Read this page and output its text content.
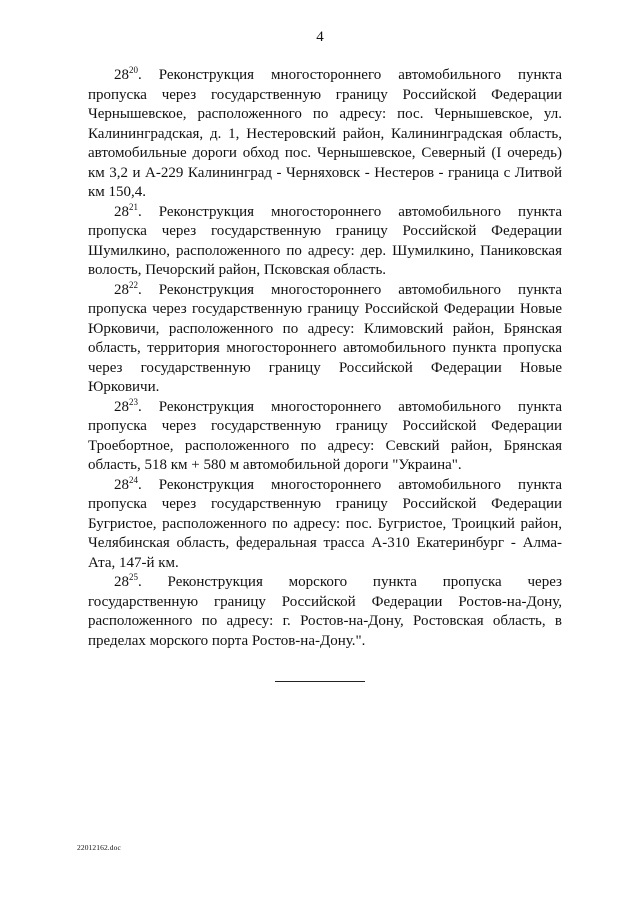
4

$28^{20}$. Реконструкция многостороннего автомобильного пункта пропуска через государственную границу Российской Федерации Чернышевское, расположенного по адресу: пос. Чернышевское, ул. Калининградская, д. 1, Нестеровский район, Калининградская область, автомобильные дороги обход пос. Чернышевское, Северный (I очередь) км 3,2 и А-229 Калининград - Черняховск - Нестеров - граница с Литвой км 150,4.

$28^{21}$. Реконструкция многостороннего автомобильного пункта пропуска через государственную границу Российской Федерации Шумилкино, расположенного по адресу: дер. Шумилкино, Паниковская волость, Печорский район, Псковская область.

$28^{22}$. Реконструкция многостороннего автомобильного пункта пропуска через государственную границу Российской Федерации Новые Юрковичи, расположенного по адресу: Климовский район, Брянская область, территория многостороннего автомобильного пункта пропуска через государственную границу Российской Федерации Новые Юрковичи.

$28^{23}$. Реконструкция многостороннего автомобильного пункта пропуска через государственную границу Российской Федерации Троебортное, расположенного по адресу: Севский район, Брянская область, 518 км + 580 м автомобильной дороги "Украина".

$28^{24}$. Реконструкция многостороннего автомобильного пункта пропуска через государственную границу Российской Федерации Бугристое, расположенного по адресу: пос. Бугристое, Троицкий район, Челябинская область, федеральная трасса А-310 Екатеринбург - Алма-Ата, 147-й км.

$28^{25}$. Реконструкция морского пункта пропуска через государственную границу Российской Федерации Ростов-на-Дону, расположенного по адресу: г. Ростов-на-Дону, Ростовская область, в пределах морского порта Ростов-на-Дону.".

22012162.doc
